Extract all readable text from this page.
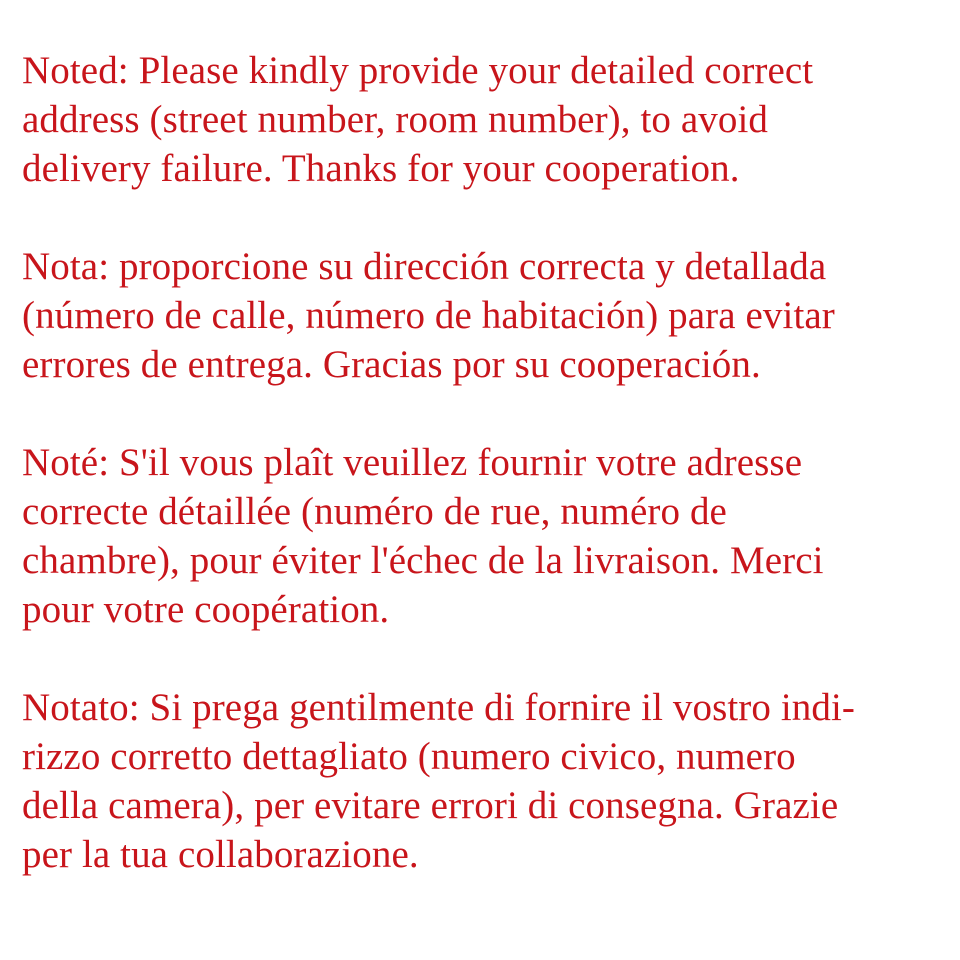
Noted: Please kindly provide your detailed correct
address (street number, room number), to avoid
delivery failure. Thanks for your cooperation.

Nota: proporcione su dirección correcta y detallada
(número de calle, número de habitación) para evitar
errores de entrega. Gracias por su cooperación.

Noté: S'il vous plaît veuillez fournir votre adresse
correcte détaillée (numéro de rue, numéro de
chambre), pour éviter l'échec de la livraison. Merci
pour votre coopération.

Notato: Si prega gentilmente di fornire il vostro indi-
rizzo corretto dettagliato (numero civico, numero
della camera), per evitare errori di consegna. Grazie
per la tua collaborazione.
